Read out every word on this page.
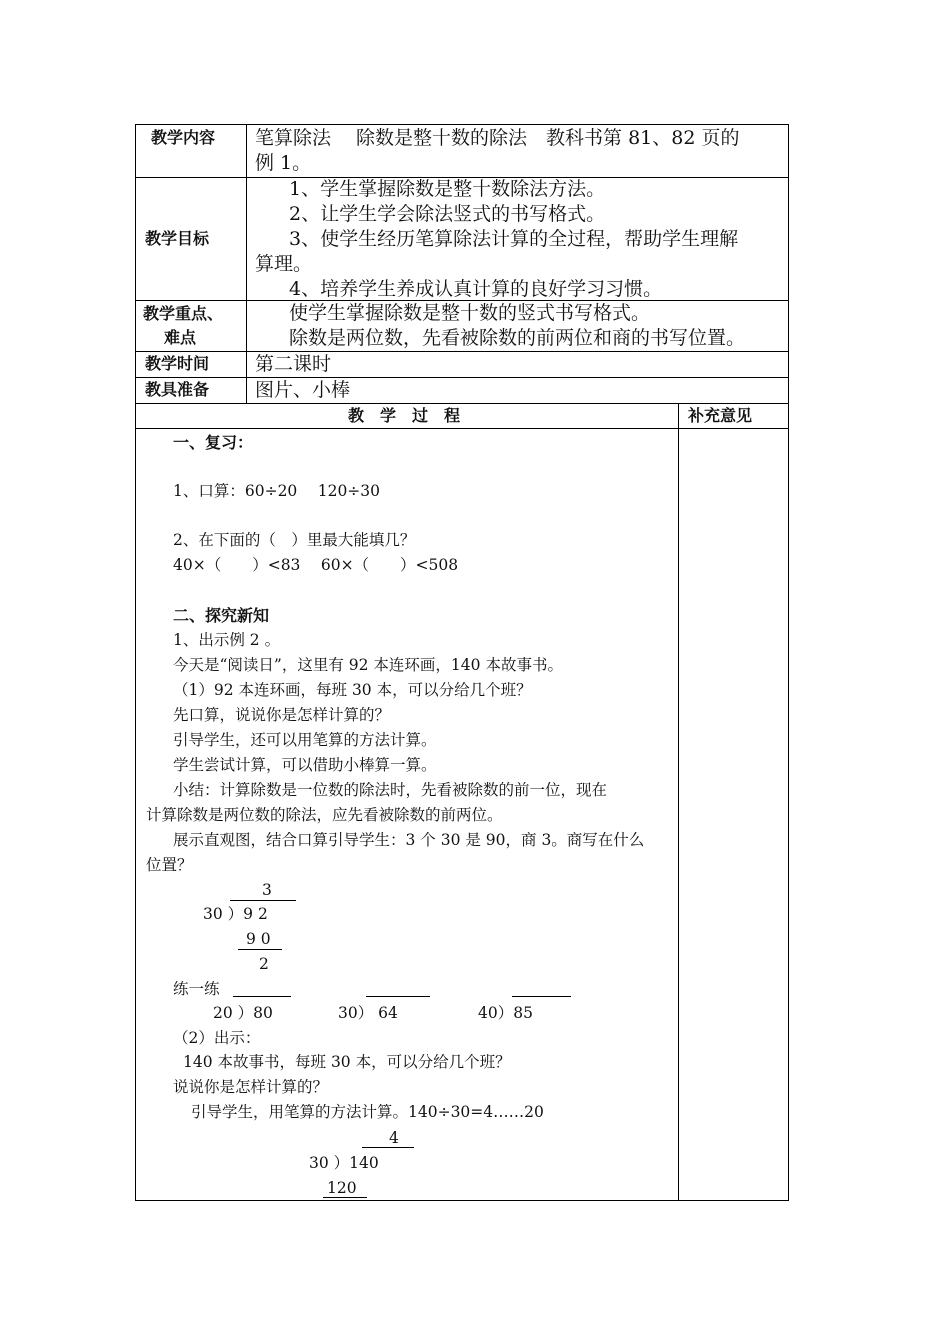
教学内容 笔算除法　 除数是整十数的除法　教科书第 81、82 页的
例 1。
教学目标
1、学生掌握除数是整十数除法方法。
2、让学生学会除法竖式的书写格式。
3、使学生经历笔算除法计算的全过程，帮助学生理解
算理。
4、培养学生养成认真计算的良好学习习惯。
教学重点、
难点
使学生掌握除数是整十数的竖式书写格式。
除数是两位数，先看被除数的前两位和商的书写位置。
教学时间 第二课时
教具准备 图片、小棒
教　学　过　程	补充意见
一、复习：
1、口算：60÷20　 120÷30
2、在下面的（　）里最大能填几？
40×（　　）<83　 60×（　　）<508
二、探究新知
1、出示例 2 。
今天是“阅读日”，这里有 92 本连环画，140 本故事书。
（1）92 本连环画，每班 30 本，可以分给几个班？
先口算，说说你是怎样计算的？
引导学生，还可以用笔算的方法计算。
学生尝试计算，可以借助小棒算一算。
小结：计算除数是一位数的除法时，先看被除数的前一位，现在
计算除数是两位数的除法，应先看被除数的前两位。
展示直观图，结合口算引导学生：3 个 30 是 90，商 3。商写在什么
位置？
3
30 ）9 2
9 0
2
练一练
20 ）80	30） 64	40）85
（2）出示：
140 本故事书，每班 30 本，可以分给几个班？
说说你是怎样计算的？
引导学生，用笔算的方法计算。140÷30=4……20
4
30 ）140
120
